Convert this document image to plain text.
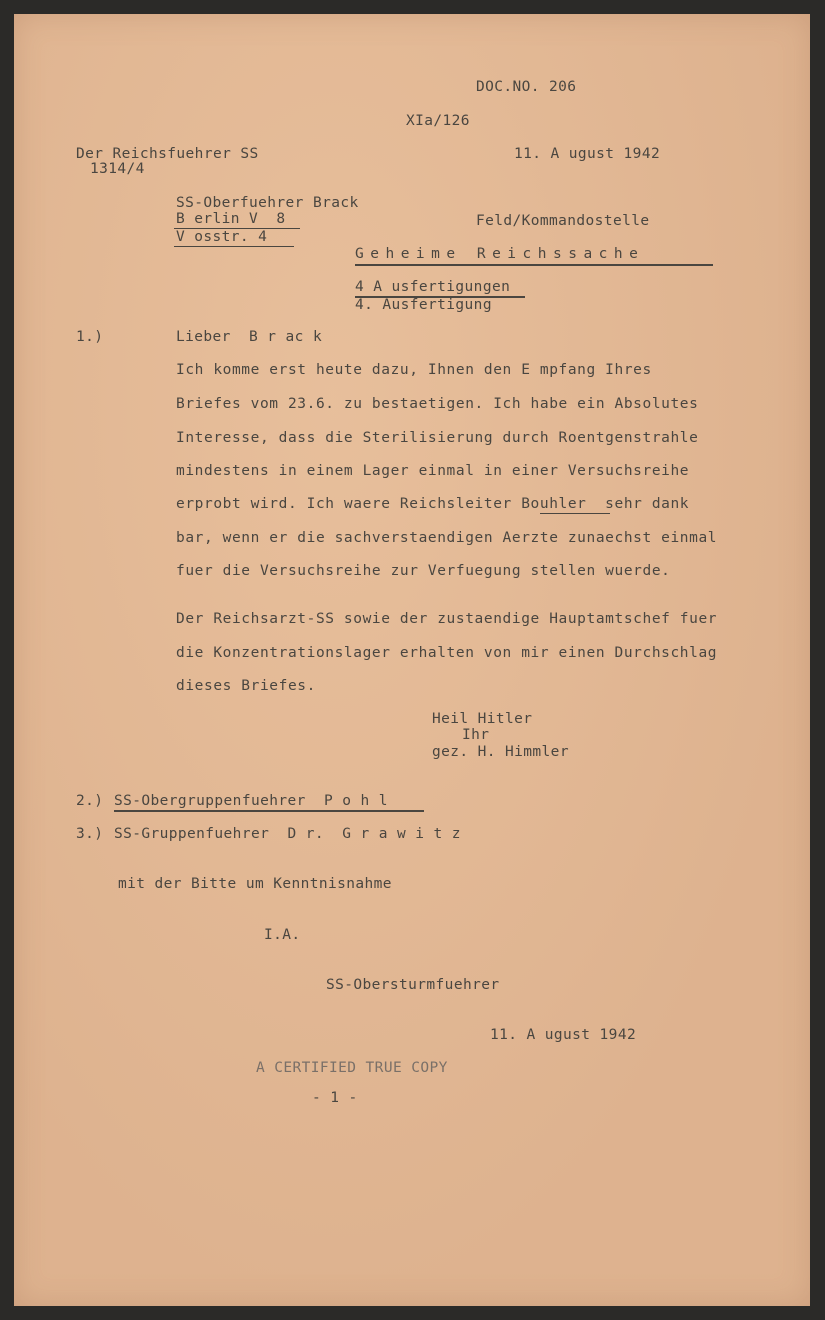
DOC.NO. 206
XIa/126
Der Reichsfuehrer SS
1314/4
11. A ugust 1942
SS-Oberfuehrer Brack
B erlin V  8
V osstr. 4
Feld/Kommandostelle
Geheime Reichssache
4 A usfertigungen
4. Ausfertigung
1.)	Lieber  B r ac k
Ich komme erst heute dazu, Ihnen den E mpfang Ihres
Briefes vom 23.6. zu bestaetigen. Ich habe ein Absolutes
Interesse, dass die Sterilisierung durch Roentgenstrahle
mindestens in einem Lager einmal in einer Versuchsreihe
erprobt wird. Ich waere Reichsleiter Bouhler  sehr dank
bar, wenn er die sachverstaendigen Aerzte zunaechst einmal
fuer die Versuchsreihe zur Verfuegung stellen wuerde.
Der Reichsarzt-SS sowie der zustaendige Hauptamtschef fuer
die Konzentrationslager erhalten von mir einen Durchschlag
dieses Briefes.
Heil Hitler
Ihr
gez. H. Himmler
2.) SS-Obergruppenfuehrer  P o h l
3.) SS-Gruppenfuehrer  D r.  G r a w i t z
mit der Bitte um Kenntnisnahme
I.A.
SS-Obersturmfuehrer
11. A ugust 1942
A CERTIFIED TRUE COPY
- 1 -
